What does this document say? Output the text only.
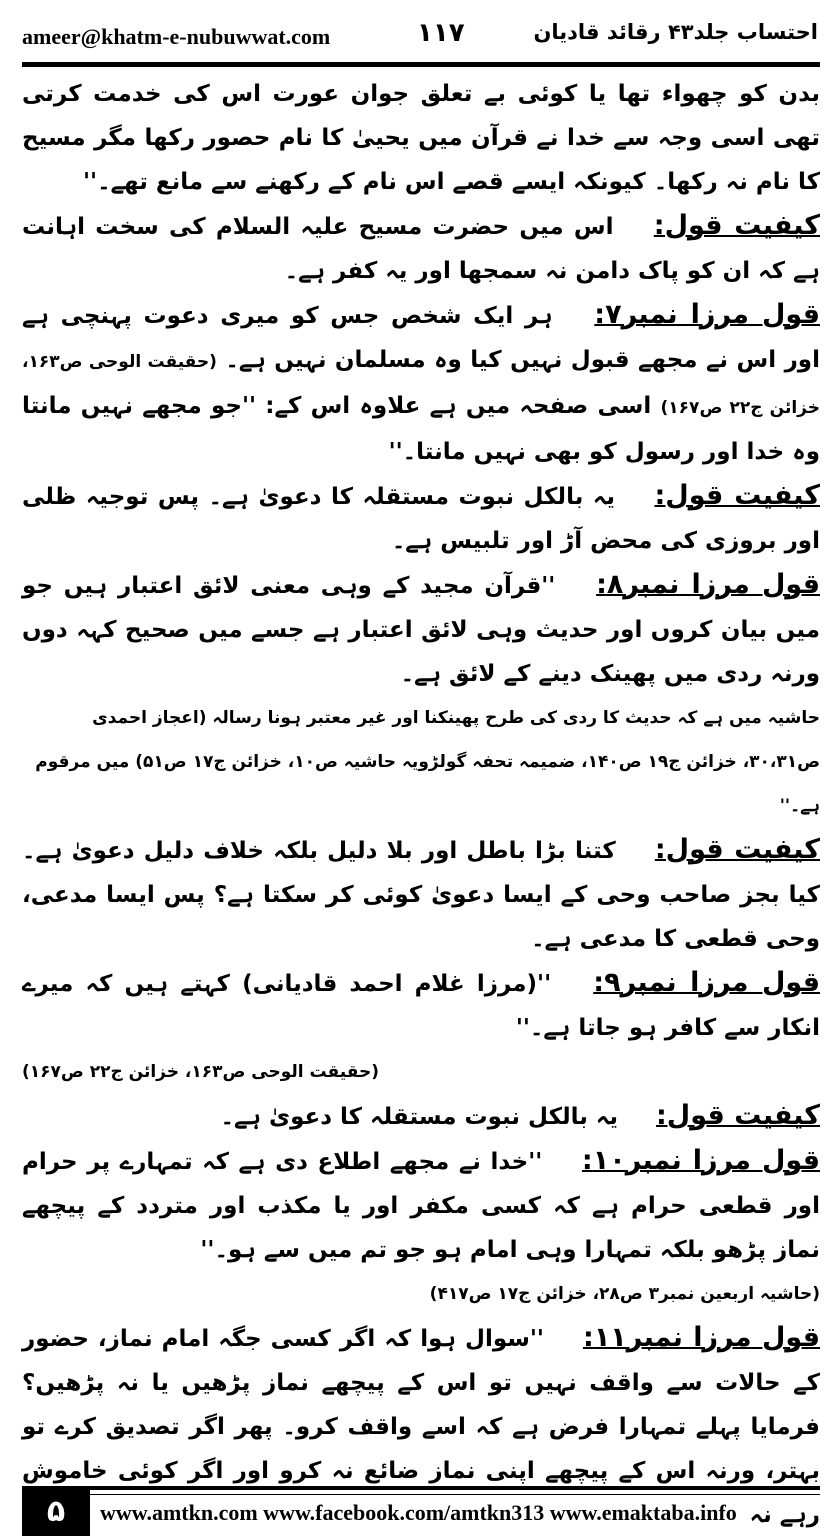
ameer@khatm-e-nubuwwat.com	۱۱۷	احتساب جلد۴۳ رقائد قادیان

بدن کو چھواء تھا یا کوئی بے تعلق جوان عورت اس کی خدمت کرتی تھی اسی وجہ سے خدا نے قرآن میں یحییٰ کا نام حصور رکھا مگر مسیح کا نام نہ رکھا۔ کیونکہ ایسے قصے اس نام کے رکھنے سے مانع تھے۔''

کیفیت قول: اس میں حضرت مسیح علیہ السلام کی سخت اہانت ہے کہ ان کو پاک دامن نہ سمجھا اور یہ کفر ہے۔

قول مرزا نمبر۷: ہر ایک شخص جس کو میری دعوت پہنچی ہے اور اس نے مجھے قبول نہیں کیا وہ مسلمان نہیں ہے۔ (حقیقت الوحی ص۱۶۳، خزائن ج۲۲ ص۱۶۷) اسی صفحہ میں ہے علاوہ اس کے: ''جو مجھے نہیں مانتا وہ خدا اور رسول کو بھی نہیں مانتا۔''

کیفیت قول: یہ بالکل نبوت مستقلہ کا دعویٰ ہے۔ پس توجیہ ظلی اور بروزی کی محض آڑ اور تلبیس ہے۔

قول مرزا نمبر۸: ''قرآن مجید کے وہی معنی لائق اعتبار ہیں جو میں بیان کروں اور حدیث وہی لائق اعتبار ہے جسے میں صحیح کہہ دوں ورنہ ردی میں پھینک دینے کے لائق ہے۔

حاشیہ میں ہے کہ حدیث کا ردی کی طرح پھینکنا اور غیر معتبر ہونا رسالہ (اعجاز احمدی ص۳۰،۳۱، خزائن ج۱۹ ص۱۴۰، ضمیمہ تحفہ گولڑویہ حاشیہ ص۱۰، خزائن ج۱۷ ص۵۱) میں مرقوم ہے۔''

کیفیت قول: کتنا بڑا باطل اور بلا دلیل بلکہ خلاف دلیل دعویٰ ہے۔ کیا بجز صاحب وحی کے ایسا دعویٰ کوئی کر سکتا ہے؟ پس ایسا مدعی، وحی قطعی کا مدعی ہے۔

قول مرزا نمبر۹: ''(مرزا غلام احمد قادیانی) کہتے ہیں کہ میرے انکار سے کافر ہو جاتا ہے۔''

(حقیقت الوحی ص۱۶۳، خزائن ج۲۲ ص۱۶۷)

کیفیت قول: یہ بالکل نبوت مستقلہ کا دعویٰ ہے۔

قول مرزا نمبر۱۰: ''خدا نے مجھے اطلاع دی ہے کہ تمہارے پر حرام اور قطعی حرام ہے کہ کسی مکفر اور یا مکذب اور متردد کے پیچھے نماز پڑھو بلکہ تمہارا وہی امام ہو جو تم میں سے ہو۔''

(حاشیہ اربعین نمبر۳ ص۲۸، خزائن ج۱۷ ص۴۱۷)

قول مرزا نمبر۱۱: ''سوال ہوا کہ اگر کسی جگہ امام نماز، حضور کے حالات سے واقف نہیں تو اس کے پیچھے نماز پڑھیں یا نہ پڑھیں؟ فرمایا پہلے تمہارا فرض ہے کہ اسے واقف کرو۔ پھر اگر تصدیق کرے تو بہتر، ورنہ اس کے پیچھے اپنی نماز ضائع نہ کرو اور اگر کوئی خاموش رہے نہ

۵	www.amtkn.com www.facebook.com/amtkn313 www.emaktaba.info
